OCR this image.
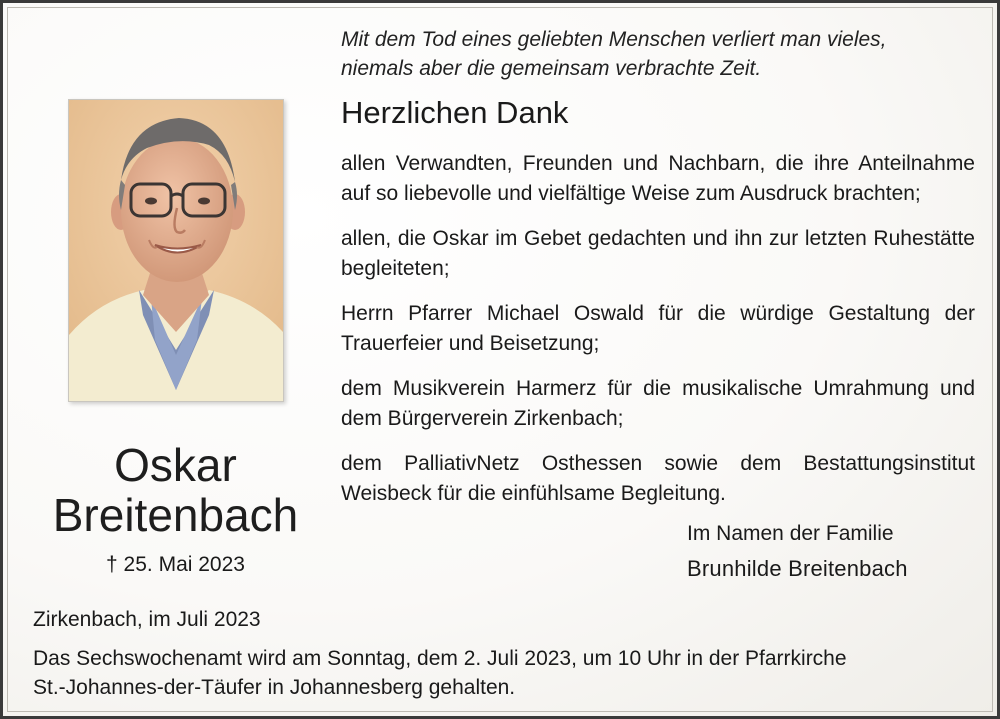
Mit dem Tod eines geliebten Menschen verliert man vieles,
niemals aber die gemeinsam verbrachte Zeit.
Herzlichen Dank

allen Verwandten, Freunden und Nachbarn, die ihre Anteilnahme auf so liebevolle und vielfältige Weise zum Ausdruck brachten;

allen, die Oskar im Gebet gedachten und ihn zur letzten Ruhestätte begleiteten;

Herrn Pfarrer Michael Oswald für die würdige Gestaltung der Trauerfeier und Beisetzung;

dem Musikverein Harmerz für die musikalische Umrahmung und dem Bürgerverein Zirkenbach;

dem PalliativNetz Osthessen sowie dem Bestattungsinstitut Weisbeck für die einfühlsame Begleitung.

Oskar
Breitenbach
† 25. Mai 2023
Im Namen der Familie
Brunhilde Breitenbach
Zirkenbach, im Juli 2023
Das Sechswochenamt wird am Sonntag, dem 2. Juli 2023, um 10 Uhr in der Pfarrkirche
St.-Johannes-der-Täufer in Johannesberg gehalten.
